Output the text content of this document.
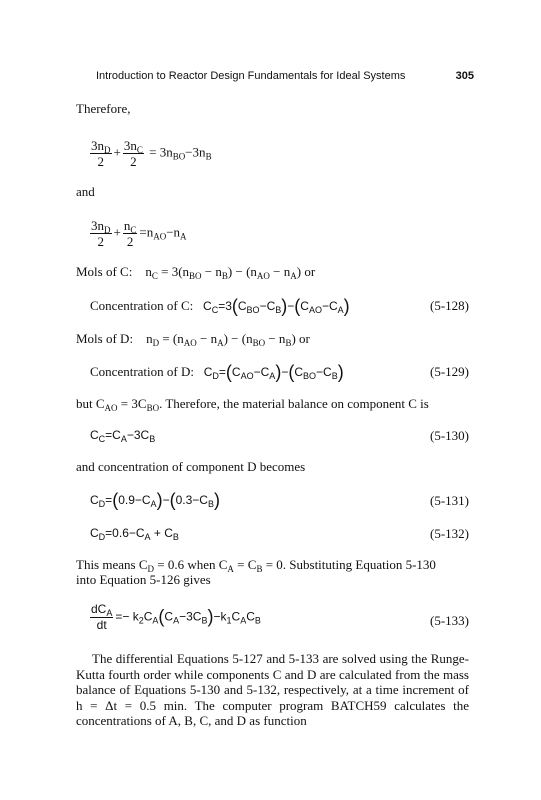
Introduction to Reactor Design Fundamentals for Ideal Systems	305
Therefore,
$\frac{3n_D}{2} + \frac{3n_C}{2} = 3n_{BO}-3n_B$
and
$\frac{3n_D}{2} + \frac{n_C}{2} =n_{AO}-n_A$
Mols of C:    $n_C = 3(n_{BO} - n_B) - (n_{AO} - n_A)$ or
Concentration of C: $C_C=3(C_{BO}-C_B)-(C_{AO}-C_A)$	(5-128)
Mols of D:    $n_D = (n_{AO} - n_A) - (n_{BO} - n_B)$ or
Concentration of D: $C_D=(C_{AO}-C_A)-(C_{BO}-C_B)$	(5-129)
but $C_{AO} = 3C_{BO}$. Therefore, the material balance on component C is
$C_C=C_A-3C_B$	(5-130)
and concentration of component D becomes
$C_D=(0.9-C_A)-(0.3-C_B)$	(5-131)
$C_D=0.6-C_A + C_B$	(5-132)
This means $C_D = 0.6$ when $C_A = C_B = 0$. Substituting Equation 5-130
into Equation 5-126 gives
$\frac{dC_A}{dt} =- k_2C_A(C_A-3C_B)-k_1C_AC_B$	(5-133)
The differential Equations 5-127 and 5-133 are solved using the Runge-Kutta fourth order while components C and D are calculated from the mass balance of Equations 5-130 and 5-132, respectively, at a time increment of h = Δt = 0.5 min. The computer program BATCH59 calculates the concentrations of A, B, C, and D as function
